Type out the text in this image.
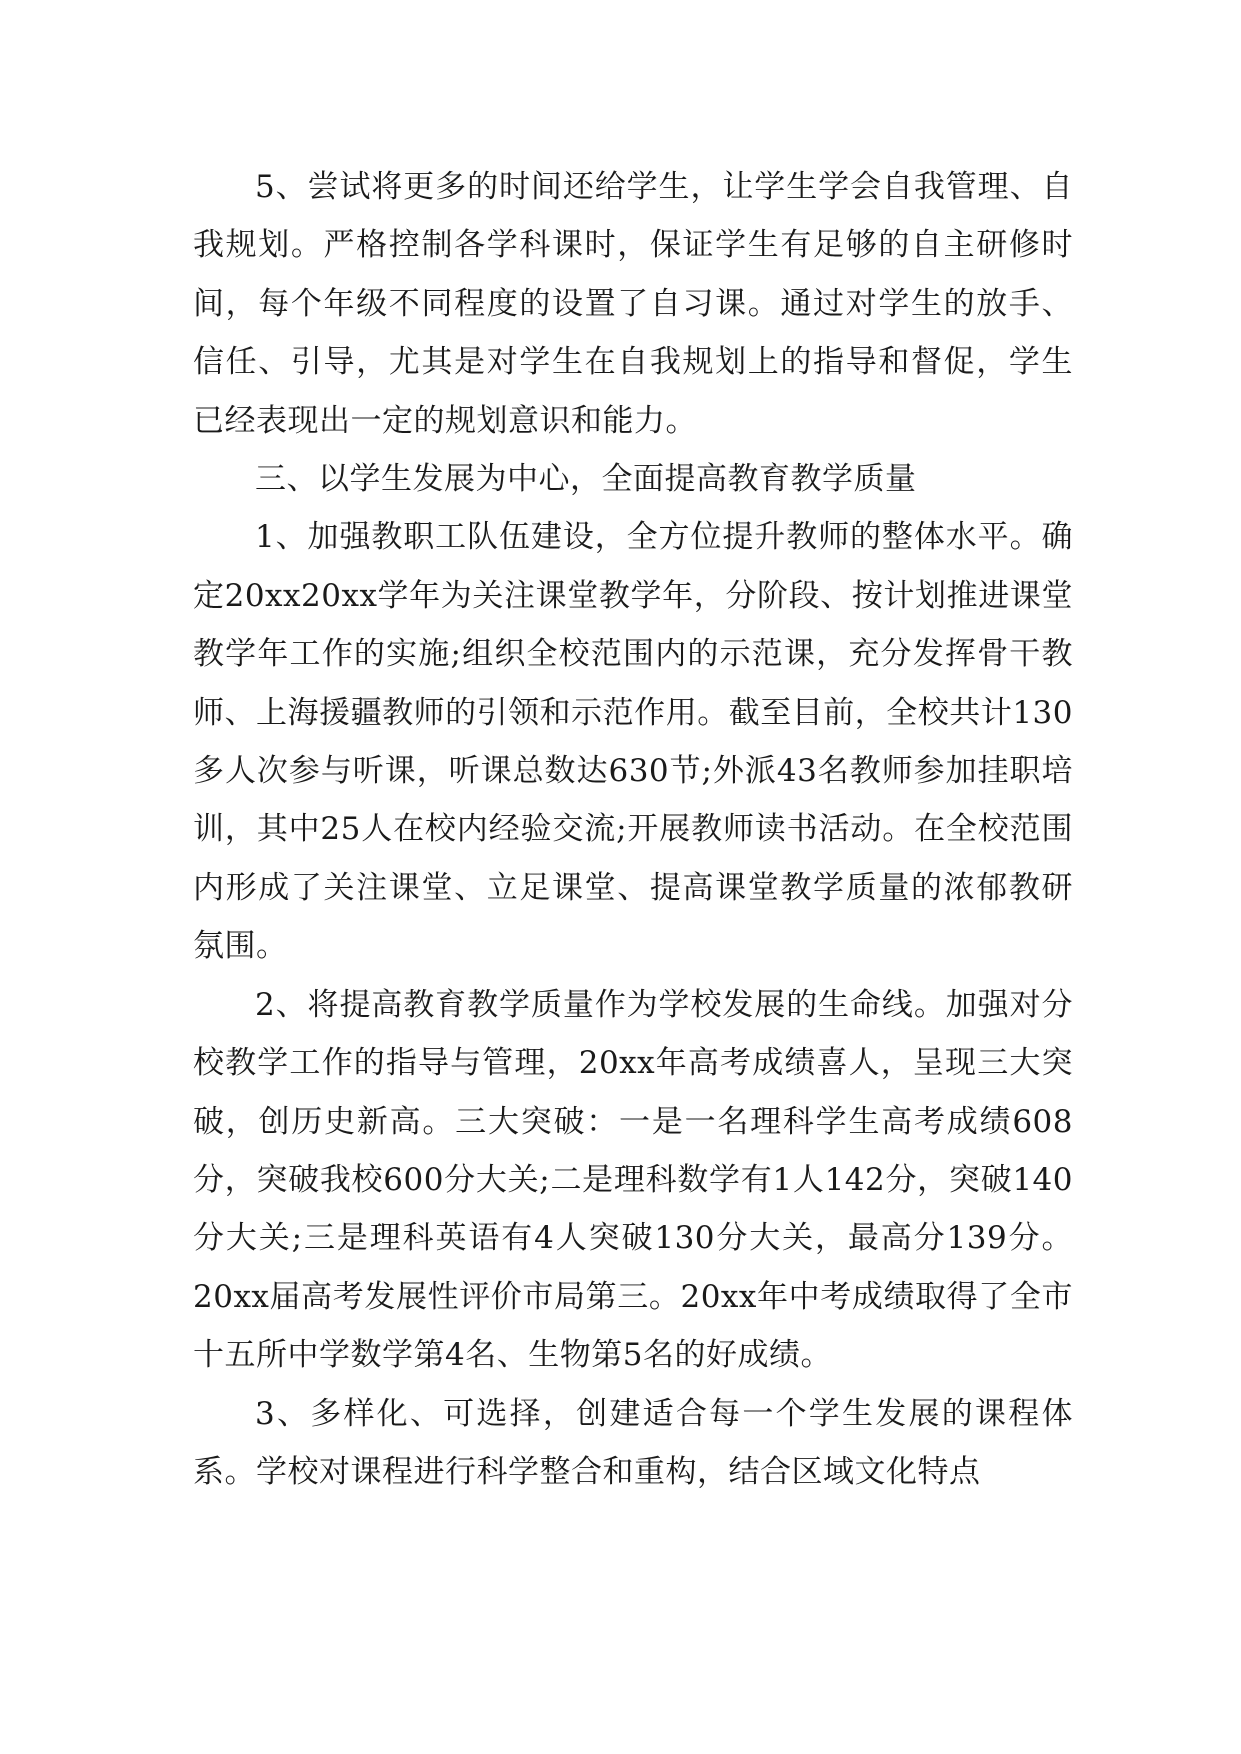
5、尝试将更多的时间还给学生，让学生学会自我管理、自我规划。严格控制各学科课时，保证学生有足够的自主研修时间，每个年级不同程度的设置了自习课。通过对学生的放手、信任、引导，尤其是对学生在自我规划上的指导和督促，学生已经表现出一定的规划意识和能力。

三、以学生发展为中心，全面提高教育教学质量

1、加强教职工队伍建设，全方位提升教师的整体水平。确定20xx20xx学年为关注课堂教学年，分阶段、按计划推进课堂教学年工作的实施;组织全校范围内的示范课，充分发挥骨干教师、上海援疆教师的引领和示范作用。截至目前，全校共计130多人次参与听课，听课总数达630节;外派43名教师参加挂职培训，其中25人在校内经验交流;开展教师读书活动。在全校范围内形成了关注课堂、立足课堂、提高课堂教学质量的浓郁教研氛围。

2、将提高教育教学质量作为学校发展的生命线。加强对分校教学工作的指导与管理，20xx年高考成绩喜人，呈现三大突破，创历史新高。三大突破：一是一名理科学生高考成绩608分，突破我校600分大关;二是理科数学有1人142分，突破140分大关;三是理科英语有4人突破130分大关，最高分139分。20xx届高考发展性评价市局第三。20xx年中考成绩取得了全市十五所中学数学第4名、生物第5名的好成绩。

3、多样化、可选择，创建适合每一个学生发展的课程体系。学校对课程进行科学整合和重构，结合区域文化特点
